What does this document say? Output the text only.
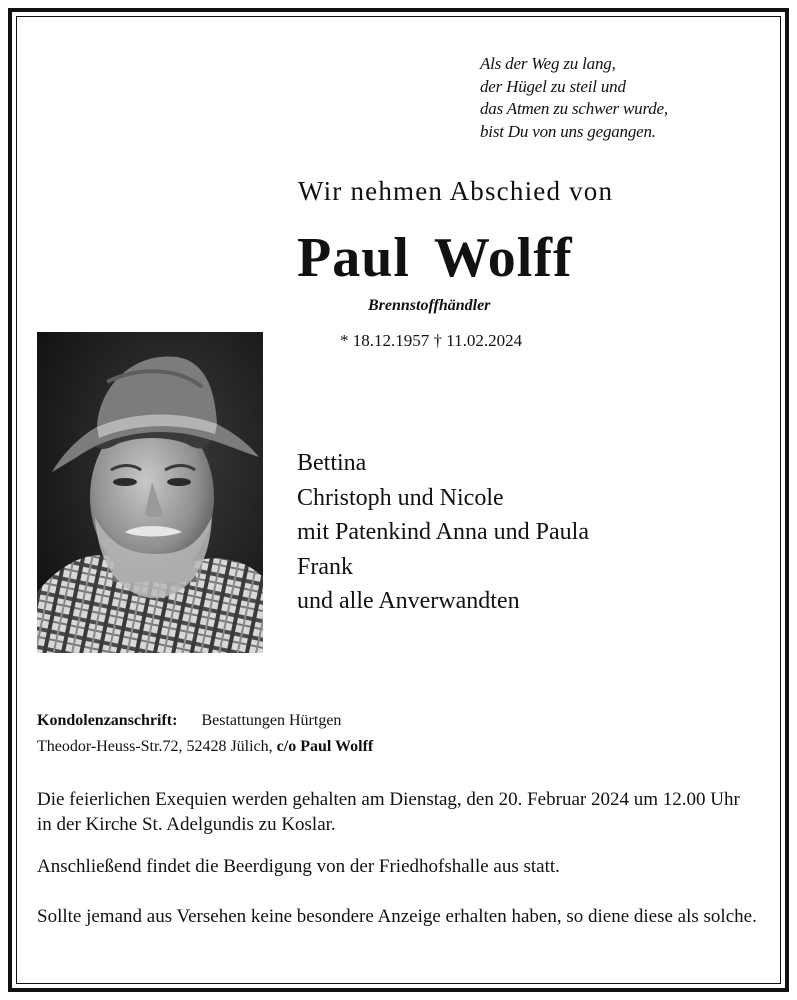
Als der Weg zu lang,
der Hügel zu steil und
das Atmen zu schwer wurde,
bist Du von uns gegangen.
Wir nehmen Abschied von
Paul Wolff
Brennstoffhändler
* 18.12.1957 † 11.02.2024
Bettina
Christoph und Nicole
mit Patenkind Anna und Paula
Frank
und alle Anverwandten
Kondolenzanschrift: Bestattungen Hürtgen
Theodor-Heuss-Str.72, 52428 Jülich, c/o Paul Wolff
Die feierlichen Exequien werden gehalten am Dienstag, den 20. Februar 2024 um 12.00 Uhr in der Kirche St. Adelgundis zu Koslar.
Anschließend findet die Beerdigung von der Friedhofshalle aus statt.
Sollte jemand aus Versehen keine besondere Anzeige erhalten haben, so diene diese als solche.
